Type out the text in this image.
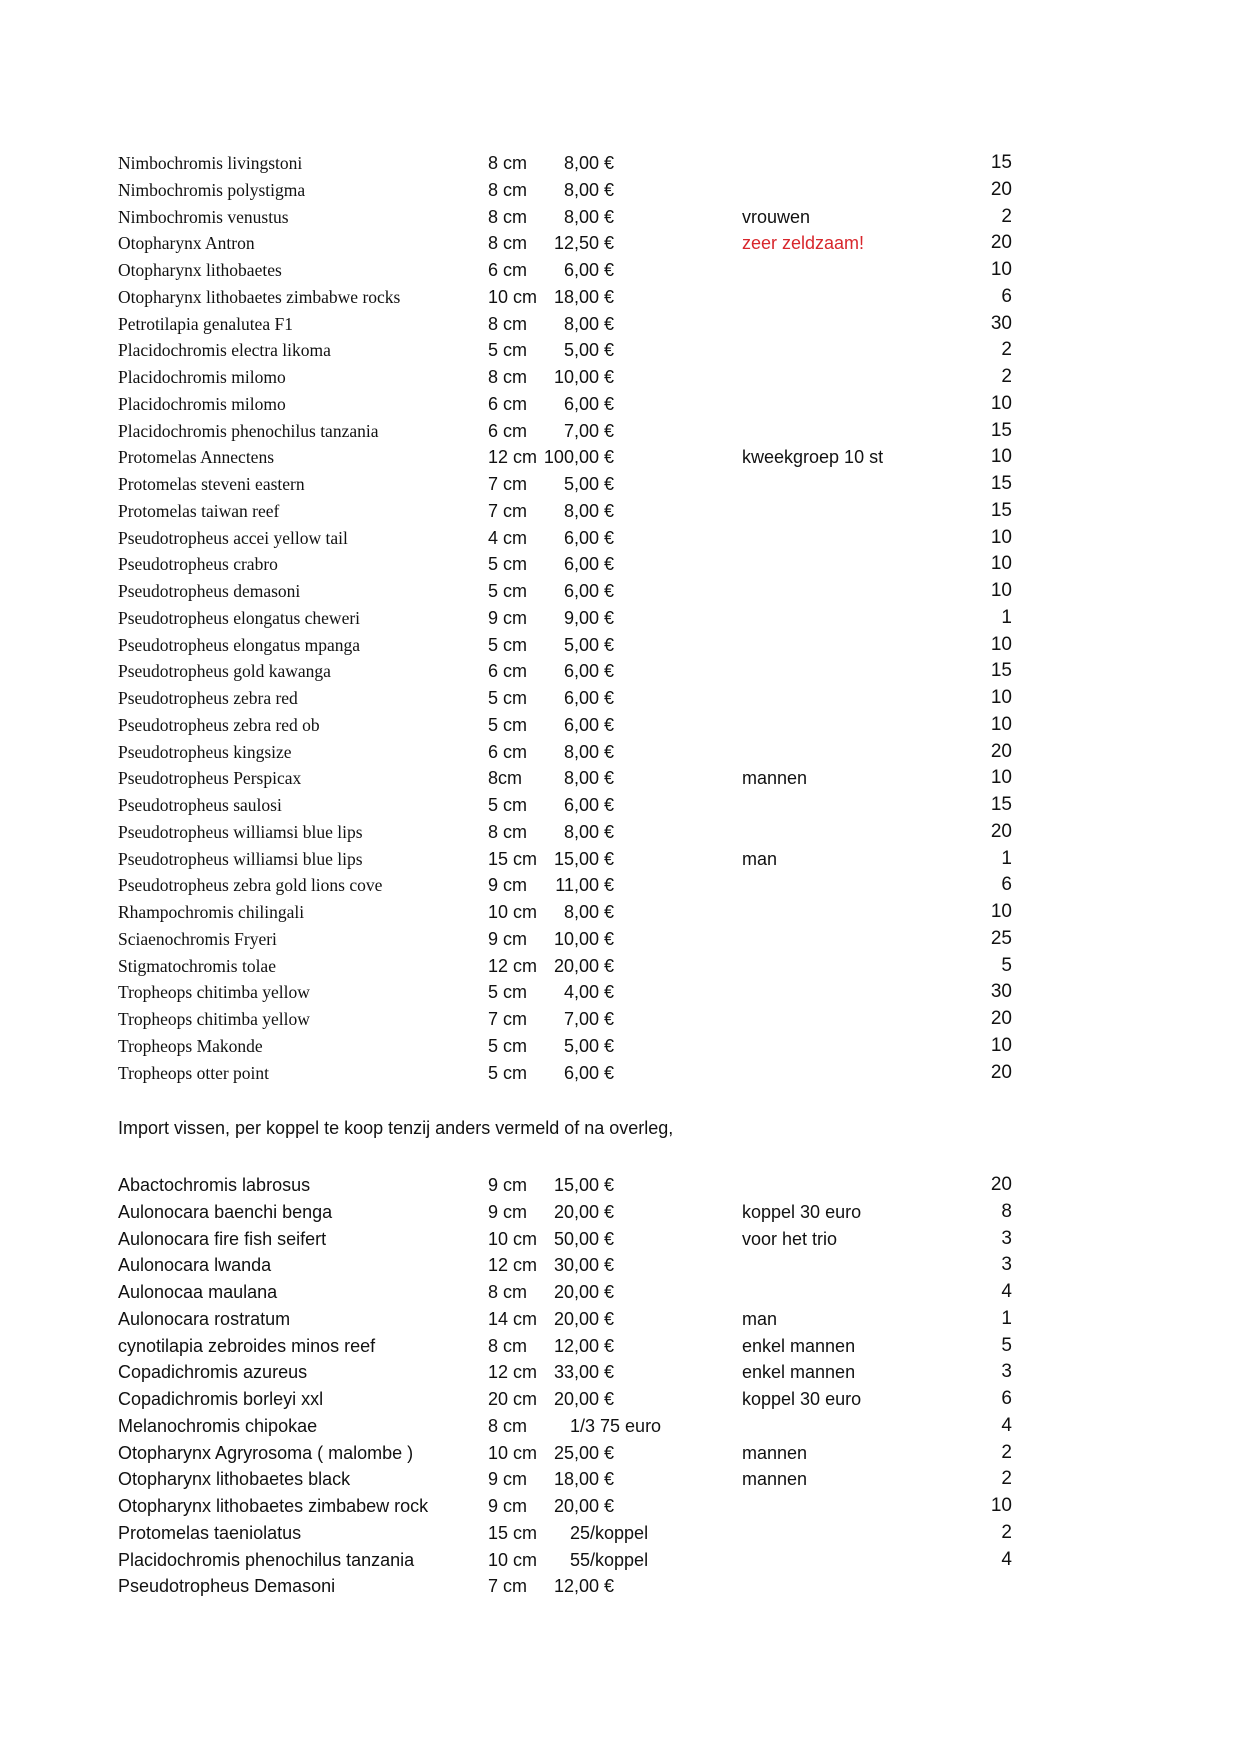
Nimbochromis livingstoni	8 cm 8,00 €	15
Nimbochromis polystigma	8 cm 8,00 €	20
Nimbochromis venustus	8 cm 8,00 €	vrouwen	2
Otopharynx Antron	8 cm 12,50 €	zeer zeldzaam!	20
Otopharynx lithobaetes	6 cm 6,00 €	10
Otopharynx lithobaetes zimbabwe rocks	10 cm 18,00 €	6
Petrotilapia genalutea F1	8 cm 8,00 €	30
Placidochromis electra likoma	5 cm 5,00 €	2
Placidochromis milomo	8 cm 10,00 €	2
Placidochromis milomo	6 cm 6,00 €	10
Placidochromis phenochilus tanzania	6 cm 7,00 €	15
Protomelas Annectens	12 cm 100,00 €	kweekgroep 10 st	10
Protomelas steveni eastern	7 cm 5,00 €	15
Protomelas taiwan reef	7 cm 8,00 €	15
Pseudotropheus accei yellow tail	4 cm 6,00 €	10
Pseudotropheus crabro	5 cm 6,00 €	10
Pseudotropheus demasoni	5 cm 6,00 €	10
Pseudotropheus elongatus cheweri	9 cm 9,00 €	1
Pseudotropheus elongatus mpanga	5 cm 5,00 €	10
Pseudotropheus gold kawanga	6 cm 6,00 €	15
Pseudotropheus zebra red	5 cm 6,00 €	10
Pseudotropheus zebra red ob	5 cm 6,00 €	10
Pseudotropheus kingsize	6 cm 8,00 €	20
Pseudotropheus Perspicax	8cm 8,00 €	mannen	10
Pseudotropheus saulosi	5 cm 6,00 €	15
Pseudotropheus williamsi blue lips	8 cm 8,00 €	20
Pseudotropheus williamsi blue lips	15 cm 15,00 €	man	1
Pseudotropheus zebra gold lions cove	9 cm 11,00 €	6
Rhampochromis chilingali	10 cm 8,00 €	10
Sciaenochromis Fryeri	9 cm 10,00 €	25
Stigmatochromis tolae	12 cm 20,00 €	5
Tropheops chitimba yellow	5 cm 4,00 €	30
Tropheops chitimba yellow	7 cm 7,00 €	20
Tropheops Makonde	5 cm 5,00 €	10
Tropheops otter point	5 cm 6,00 €	20
Import vissen, per koppel te koop tenzij anders vermeld of na overleg,
Abactochromis labrosus	9 cm 15,00 €	20
Aulonocara baenchi benga	9 cm 20,00 €	koppel 30 euro	8
Aulonocara fire fish seifert	10 cm 50,00 €	voor het trio	3
Aulonocara lwanda	12 cm 30,00 €	3
Aulonocaa maulana	8 cm 20,00 €	4
Aulonocara rostratum	14 cm 20,00 €	man	1
cynotilapia zebroides minos reef	8 cm 12,00 €	enkel mannen	5
Copadichromis azureus	12 cm 33,00 €	enkel mannen	3
Copadichromis borleyi xxl	20 cm 20,00 €	koppel 30 euro	6
Melanochromis chipokae	8 cm 1/3 75 euro	4
Otopharynx Agryrosoma ( malombe )	10 cm 25,00 €	mannen	2
Otopharynx lithobaetes black	9 cm 18,00 €	mannen	2
Otopharynx lithobaetes zimbabew rock	9 cm 20,00 €	10
Protomelas taeniolatus	15 cm 25/koppel	2
Placidochromis phenochilus tanzania	10 cm 55/koppel	4
Pseudotropheus Demasoni	7 cm 12,00 €
